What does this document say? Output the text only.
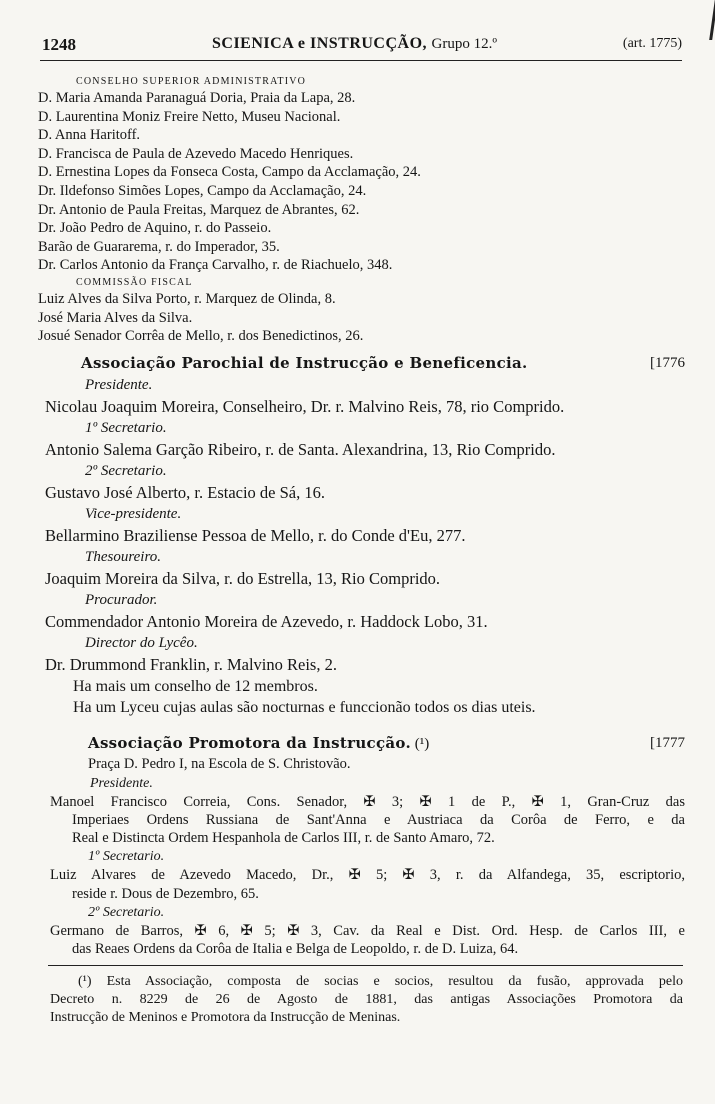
1248	SCIENICA e INSTRUCÇÃO, Grupo 12.º	(art. 1775)
CONSELHO SUPERIOR ADMINISTRATIVO
D. Maria Amanda Paranaguá Doria, Praia da Lapa, 28.
D. Laurentina Moniz Freire Netto, Museu Nacional.
D. Anna Haritoff.
D. Francisca de Paula de Azevedo Macedo Henriques.
D. Ernestina Lopes da Fonseca Costa, Campo da Acclamação, 24.
Dr. Ildefonso Simões Lopes, Campo da Acclamação, 24.
Dr. Antonio de Paula Freitas, Marquez de Abrantes, 62.
Dr. João Pedro de Aquino, r. do Passeio.
Barão de Guararema, r. do Imperador, 35.
Dr. Carlos Antonio da França Carvalho, r. de Riachuelo, 348.
COMMISSÃO FISCAL
Luiz Alves da Silva Porto, r. Marquez de Olinda, 8.
José Maria Alves da Silva.
Josué Senador Corrêa de Mello, r. dos Benedictinos, 26.
Associação Parochial de Instrucção e Beneficencia.	[1776
Presidente.
Nicolau Joaquim Moreira, Conselheiro, Dr. r. Malvino Reis, 78, rio Comprido.
1º Secretario.
Antonio Salema Garção Ribeiro, r. de Santa. Alexandrina, 13, Rio Comprido.
2º Secretario.
Gustavo José Alberto, r. Estacio de Sá, 16.
Vice-presidente.
Bellarmino Braziliense Pessoa de Mello, r. do Conde d'Eu, 277.
Thesoureiro.
Joaquim Moreira da Silva, r. do Estrella, 13, Rio Comprido.
Procurador.
Commendador Antonio Moreira de Azevedo, r. Haddock Lobo, 31.
Director do Lycêo.
Dr. Drummond Franklin, r. Malvino Reis, 2.
Ha mais um conselho de 12 membros.
Ha um Lyceu cujas aulas são nocturnas e funccionão todos os dias uteis.
Associação Promotora da Instrucção. (¹)	[1777
Praça D. Pedro I, na Escola de S. Christovão.
Presidente.
Manoel Francisco Correia, Cons. Senador, ✠ 3; ✠ 1 de P., ✠ 1, Gran-Cruz das
Imperiaes Ordens Russiana de Sant'Anna e Austriaca da Corôa de Ferro, e da
Real e Distincta Ordem Hespanhola de Carlos III, r. de Santo Amaro, 72.
1º Secretario.
Luiz Alvares de Azevedo Macedo, Dr., ✠ 5; ✠ 3, r. da Alfandega, 35, escriptorio,
reside r. Dous de Dezembro, 65.
2º Secretario.
Germano de Barros, ✠ 6, ✠ 5; ✠ 3, Cav. da Real e Dist. Ord. Hesp. de Carlos III, e
das Reaes Ordens da Corôa de Italia e Belga de Leopoldo, r. de D. Luiza, 64.
(¹) Esta Associação, composta de socias e socios, resultou da fusão, approvada pelo
Decreto n. 8229 de 26 de Agosto de 1881, das antigas Associações Promotora da
Instrucção de Meninos e Promotora da Instrucção de Meninas.
